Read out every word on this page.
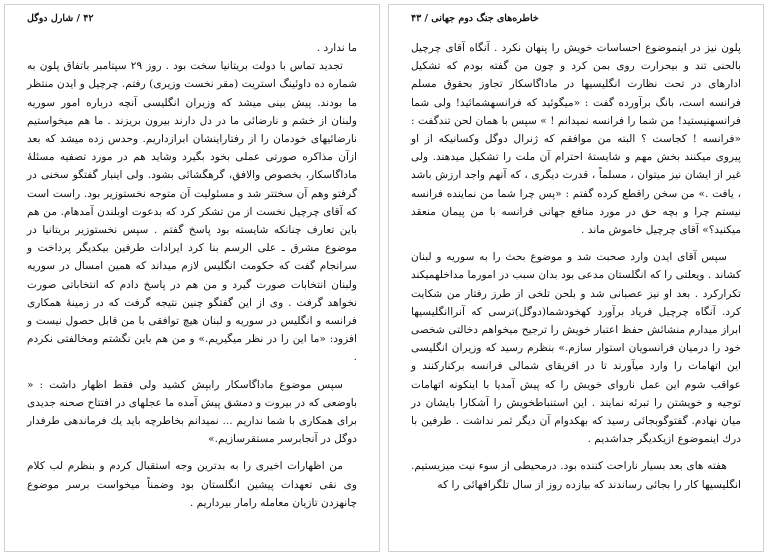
۴۲ / شارل دوگل

ما ندارد .

تجدید تماس با دولت بریتانیا سخت بود . روز ۲۹ سپتامبر باتفاق پلون به شماره ده داوئینگ استریت (مقر نخست وزیری) رفتم. چرچیل و ایدن منتظر ما بودند. پیش بینی میشد که وزیران انگلیسی آنچه درباره امور سوریه ولبنان از خشم و نارضائی ما در دل دارند بیرون بریزند . ما هم میخواستیم نارضائیهای خودمان را از رفتاراینشان ابرازداریم. وحدس زده میشد که بعد ازآن مذاکره صورتی عملی بخود بگیرد وشاید هم در مورد تصفیه مسئلهٔ ماداگاسکار، بخصوص والافق، گرهگشائی بشود. ولی اینبار گفتگو سخنی در گرفتو وهم آن سختتر شد و مسئولیت آن متوجه نخستوزیر بود. راست است که آقای چرچیل نخست از من تشکر کرد که بدعوت اوبلندن آمدهام. من هم باین تعارف چنانکه شایسته بود پاسخ گفتم . سپس نخستوزیر بریتانیا در موضوع مشرق ـ علی الرسم بنا کرد ایرادات طرفین بیکدیگر پرداخت و سرانجام گفت که حکومت انگلیس لازم میداند که همین امسال در سوریه ولبنان انتخابات صورت گیرد و من هم در پاسخ دادم که انتخاباتی صورت نخواهد گرفت . وی از این گفتگو چنین نتیجه گرفت که در زمینهٔ همکاری فرانسه و انگلیس در سوریه و لبنان هیچ توافقی با من قابل حصول نیست و افزود: «ما این را در نظر میگیریم.» و من هم باین نگشتم ومخالفتی نکردم .

سپس موضوع ماداگاسکار رابپش کشید ولی فقط اظهار داشت : « باوضعی که در بیروت و دمشق پیش آمده ما عجلهای در افتتاح صحنه جدیدی برای همکاری با شما نداریم ... نمیدانم بخاطرچه باید یك فرماندهی طرفدار دوگل در آنجابرسر مستقرسازیم.»

من اظهارات اخیری را به بدترین وجه استقبال کردم و بنظرم لب کلام وی نقی تعهدات پیشین انگلستان بود وضمناً میخواست برسر موضوع چانهزدن تازیان معامله رامار بیرداریم .

خاطره‌های جنگ دوم جهانی / ۴۳

پلون نیز در اینموضوع احساسات خویش را پنهان نکرد . آنگاه آقای چرچیل بالحنی تند و بیحرارت روی بمن کرد و چون من گفته بودم که تشکیل ادارهای در تحت نظارت انگلیسیها در ماداگاسکار تجاوز بحقوق مسلم فرانسه است، بانگ برآورده گفت : «میگوئید که فرانسهشمائید! ولی شما فرانسهنیستید! من شما را فرانسه نمیدانم ! » سپس با همان لحن تندگفت : «فرانسه ! کجاست ؟ البته من موافقم که ژنرال دوگل وکسانیکه از او پیروی میکنند بخش مهم و شایستهٔ احترام آن ملت را تشکیل میدهند. ولی غیر از ایشان نیز میتوان ، مسلماً ، قدرت دیگری ، که آنهم واجد ارزش باشد ، یافت .» من سخن راقطع کرده گفتم : «پس چرا شما من نماینده فرانسه نیستم چرا و بچه حق در مورد منافع جهانی فرانسه با من پیمان منعقد میکنید؟» آقای چرچیل خاموش ماند .

سپس آقای ایدن وارد صحبت شد و موضوع بحث را به سوریه و لبنان کشاند . ویعلتی را که انگلستان مدعی بود بدان سبب در امورما مداخلهمیکند تکرارکرد . بعد او نیز عصبانی شد و بلحن تلخی از طرز رفتار من شکایت کرد. آنگاه چرچیل فریاد برآورد کهخودشما(دوگل)ترسی که آنراانگلیسیها ابراز میدارم منشائش حفظ اعتبار خویش را ترجیح میخواهم دخالتی شخصی خود را درمیان فرانسویان استوار سازم.» بنظرم رسید که وزیران انگلیسی این اتهامات را وارد میآورند تا در افریقای شمالی فرانسه برکنارکنند و عواقب شوم این عمل ناروای خویش را که پیش آمدیا با اینکونه اتهامات توجیه و خویشتن را تبرئه نمایند . این استنباطخویش را آشکارا بایشان در میان نهادم. گفتوگوبجائی رسید که بهکدوام آن دیگر ثمر نداشت . طرفین با درك اینموضوع ازیکدیگر جداشدیم .

هفته های بعد بسیار ناراحت کننده بود. درمحیطی از سوء نیت میزیستیم. انگلیسیها کار را بجائی رساندند که بیازده روز از سال تلگرافهائی را که
